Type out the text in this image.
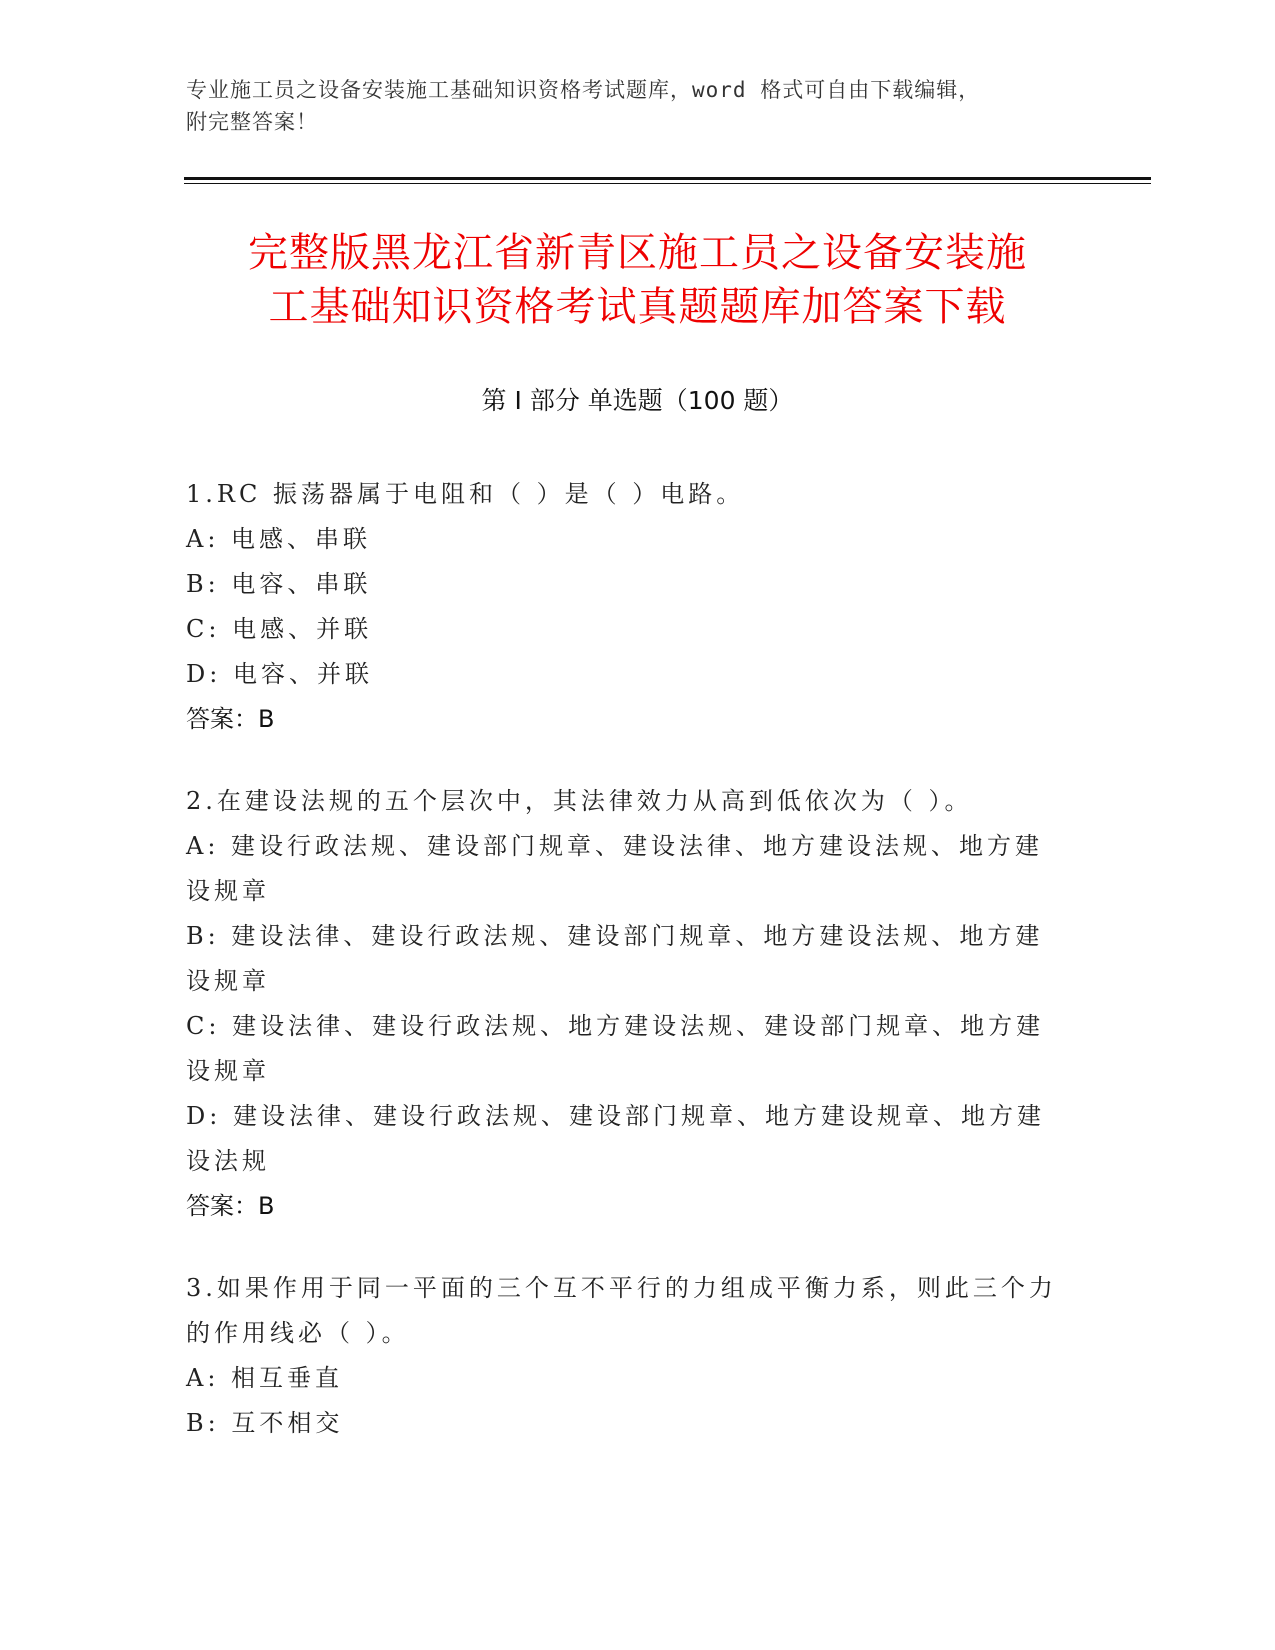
专业施工员之设备安装施工基础知识资格考试题库，word 格式可自由下载编辑，
附完整答案！
完整版黑龙江省新青区施工员之设备安装施
工基础知识资格考试真题题库加答案下载
第 I 部分 单选题（100 题）

1.RC 振荡器属于电阻和（ ）是（ ）电路。

A: 电感、串联

B: 电容、串联

C: 电感、并联

D: 电容、并联

答案：B

2.在建设法规的五个层次中，其法律效力从高到低依次为（ ）。

A: 建设行政法规、建设部门规章、建设法律、地方建设法规、地方建设规章

B: 建设法律、建设行政法规、建设部门规章、地方建设法规、地方建设规章

C: 建设法律、建设行政法规、地方建设法规、建设部门规章、地方建设规章

D: 建设法律、建设行政法规、建设部门规章、地方建设规章、地方建设法规

答案：B

3.如果作用于同一平面的三个互不平行的力组成平衡力系，则此三个力的作用线必（ ）。

A: 相互垂直

B: 互不相交
